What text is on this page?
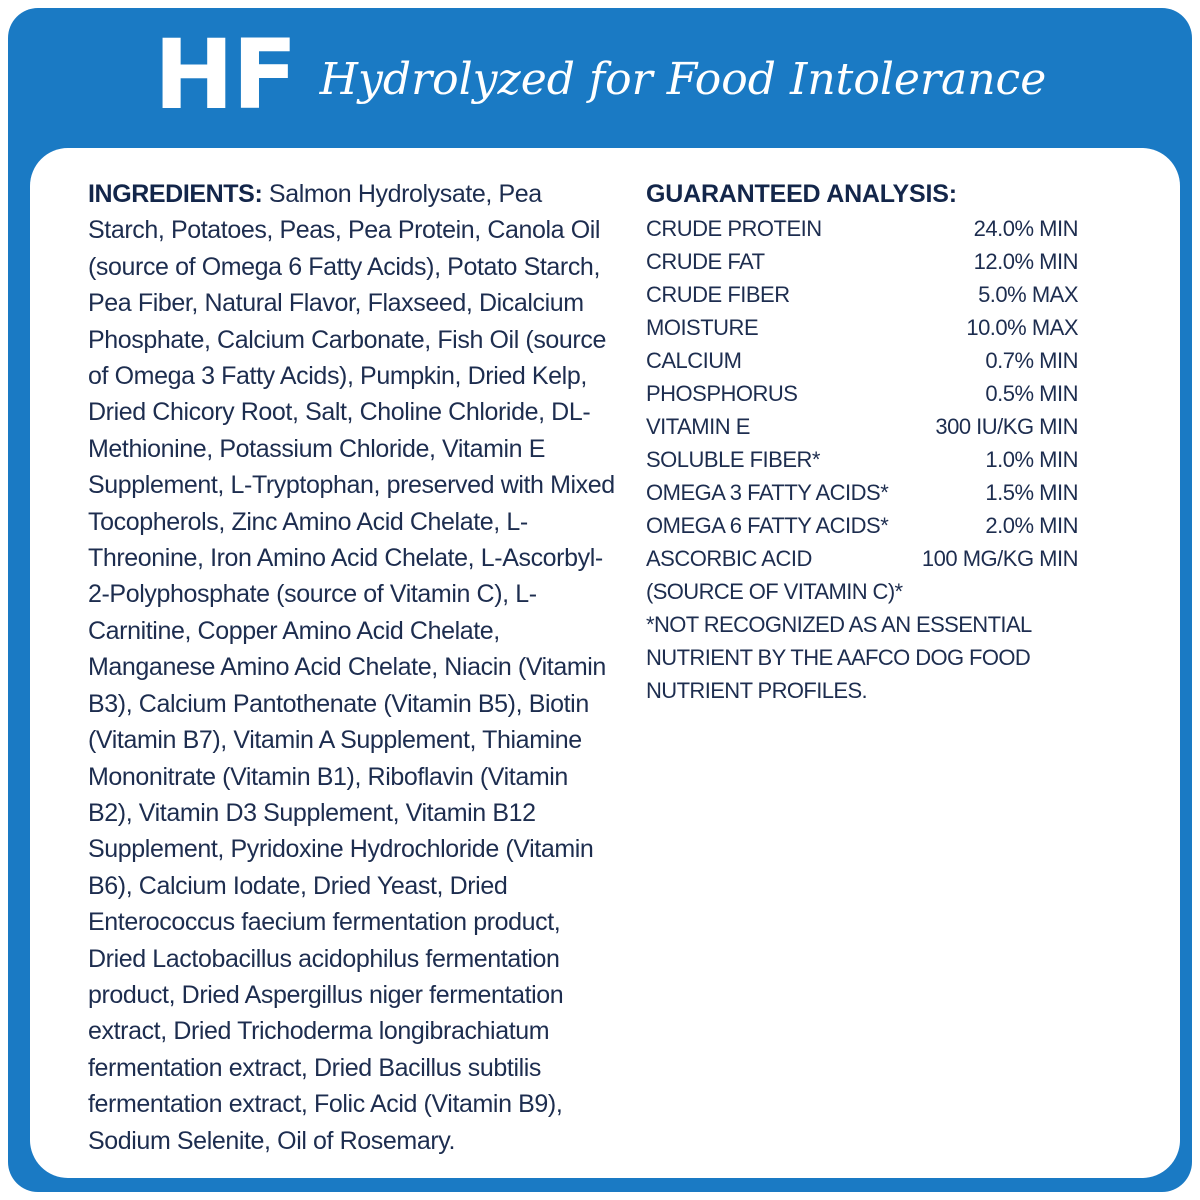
HF Hydrolyzed for Food Intolerance
INGREDIENTS: Salmon Hydrolysate, Pea Starch, Potatoes, Peas, Pea Protein, Canola Oil (source of Omega 6 Fatty Acids), Potato Starch, Pea Fiber, Natural Flavor, Flaxseed, Dicalcium Phosphate, Calcium Carbonate, Fish Oil (source of Omega 3 Fatty Acids), Pumpkin, Dried Kelp, Dried Chicory Root, Salt, Choline Chloride, DL-Methionine, Potassium Chloride, Vitamin E Supplement, L-Tryptophan, preserved with Mixed Tocopherols, Zinc Amino Acid Chelate, L-Threonine, Iron Amino Acid Chelate, L-Ascorbyl-2-Polyphosphate (source of Vitamin C), L-Carnitine, Copper Amino Acid Chelate, Manganese Amino Acid Chelate, Niacin (Vitamin B3), Calcium Pantothenate (Vitamin B5), Biotin (Vitamin B7), Vitamin A Supplement, Thiamine Mononitrate (Vitamin B1), Riboflavin (Vitamin B2), Vitamin D3 Supplement, Vitamin B12 Supplement, Pyridoxine Hydrochloride (Vitamin B6), Calcium Iodate, Dried Yeast, Dried Enterococcus faecium fermentation product, Dried Lactobacillus acidophilus fermentation product, Dried Aspergillus niger fermentation extract, Dried Trichoderma longibrachiatum fermentation extract, Dried Bacillus subtilis fermentation extract, Folic Acid (Vitamin B9), Sodium Selenite, Oil of Rosemary.
GUARANTEED ANALYSIS:
CRUDE PROTEIN	24.0% MIN
CRUDE FAT	12.0% MIN
CRUDE FIBER	5.0% MAX
MOISTURE	10.0% MAX
CALCIUM	0.7% MIN
PHOSPHORUS	0.5% MIN
VITAMIN E	300 IU/KG MIN
SOLUBLE FIBER*	1.0% MIN
OMEGA 3 FATTY ACIDS*	1.5% MIN
OMEGA 6 FATTY ACIDS*	2.0% MIN
ASCORBIC ACID	100 MG/KG MIN
(SOURCE OF VITAMIN C)*
*NOT RECOGNIZED AS AN ESSENTIAL
NUTRIENT BY THE AAFCO DOG FOOD
NUTRIENT PROFILES.
